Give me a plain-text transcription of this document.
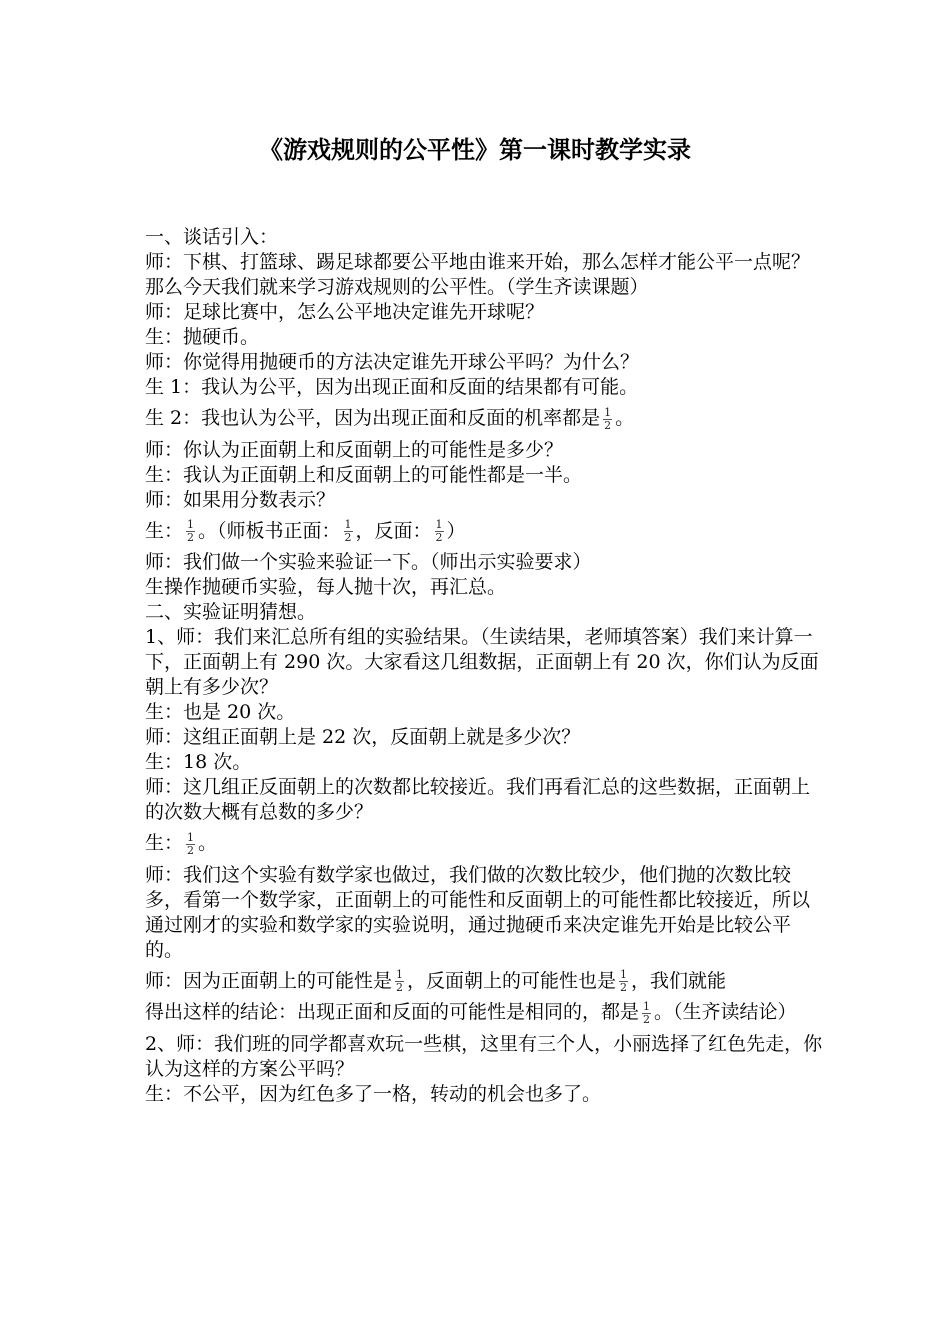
《游戏规则的公平性》第一课时教学实录

一、谈话引入：

师：下棋、打篮球、踢足球都要公平地由谁来开始，那么怎样才能公平一点呢？那么今天我们就来学习游戏规则的公平性。（学生齐读课题）

师：足球比赛中，怎么公平地决定谁先开球呢？

生：抛硬币。

师：你觉得用抛硬币的方法决定谁先开球公平吗？为什么？

生 1：我认为公平，因为出现正面和反面的结果都有可能。

生 2：我也认为公平，因为出现正面和反面的机率都是 $\frac{1}{2}$ 。

师：你认为正面朝上和反面朝上的可能性是多少？

生：我认为正面朝上和反面朝上的可能性都是一半。

师：如果用分数表示？

生： $\frac{1}{2}$ 。（师板书正面： $\frac{1}{2}$ ，反面： $\frac{1}{2}$ ）

师：我们做一个实验来验证一下。（师出示实验要求）

生操作抛硬币实验，每人抛十次，再汇总。

二、实验证明猜想。

1、师：我们来汇总所有组的实验结果。（生读结果，老师填答案）我们来计算一下，正面朝上有 290 次。大家看这几组数据，正面朝上有 20 次，你们认为反面朝上有多少次？

生：也是 20 次。

师：这组正面朝上是 22 次，反面朝上就是多少次？

生：18 次。

师：这几组正反面朝上的次数都比较接近。我们再看汇总的这些数据，正面朝上的次数大概有总数的多少？

生： $\frac{1}{2}$ 。

师：我们这个实验有数学家也做过，我们做的次数比较少，他们抛的次数比较多，看第一个数学家，正面朝上的可能性和反面朝上的可能性都比较接近，所以通过刚才的实验和数学家的实验说明，通过抛硬币来决定谁先开始是比较公平的。

师：因为正面朝上的可能性是 $\frac{1}{2}$ ，反面朝上的可能性也是 $\frac{1}{2}$ ，我们就能

得出这样的结论：出现正面和反面的可能性是相同的，都是 $\frac{1}{2}$ 。（生齐读结论）

2、师：我们班的同学都喜欢玩一些棋，这里有三个人，小丽选择了红色先走，你认为这样的方案公平吗？

生：不公平，因为红色多了一格，转动的机会也多了。
